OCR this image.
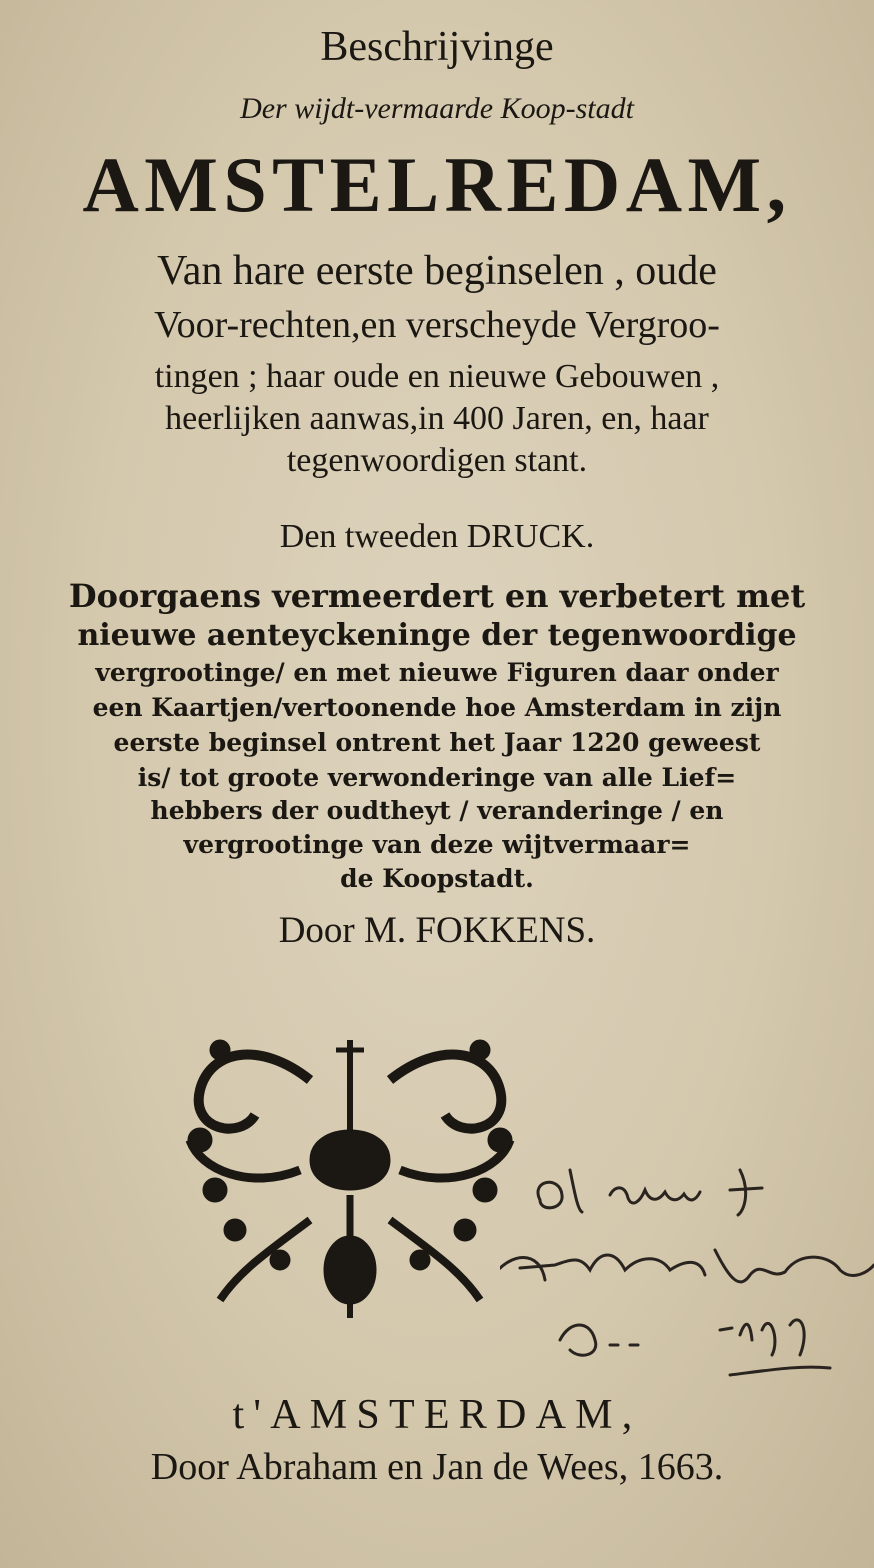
Beschrijvinge
Der wijdt-vermaarde Koop-stadt
AMSTELREDAM,
Van hare eerste beginselen , oude
Voor-rechten,en verscheyde Vergroo-
tingen ; haar oude en nieuwe Gebouwen ,
heerlijken aanwas,in 400 Jaren, en, haar
tegenwoordigen stant.
Den tweeden DRUCK.
Doorgaens vermeerdert en verbetert met
nieuwe aenteyckeninge der tegenwoordige
vergrootinge/ en met nieuwe Figuren daar onder
een Kaartjen/vertoonende hoe Amsterdam in zijn
eerste beginsel ontrent het Jaar 1220 geweest
is/ tot groote verwonderinge van alle Lief=
hebbers der oudtheyt / veranderinge / en
vergrootinge van deze wijtvermaar=
de Koopstadt.
Door M. FOKKENS.
t'AMSTERDAM,
Door Abraham en Jan de Wees, 1663.
